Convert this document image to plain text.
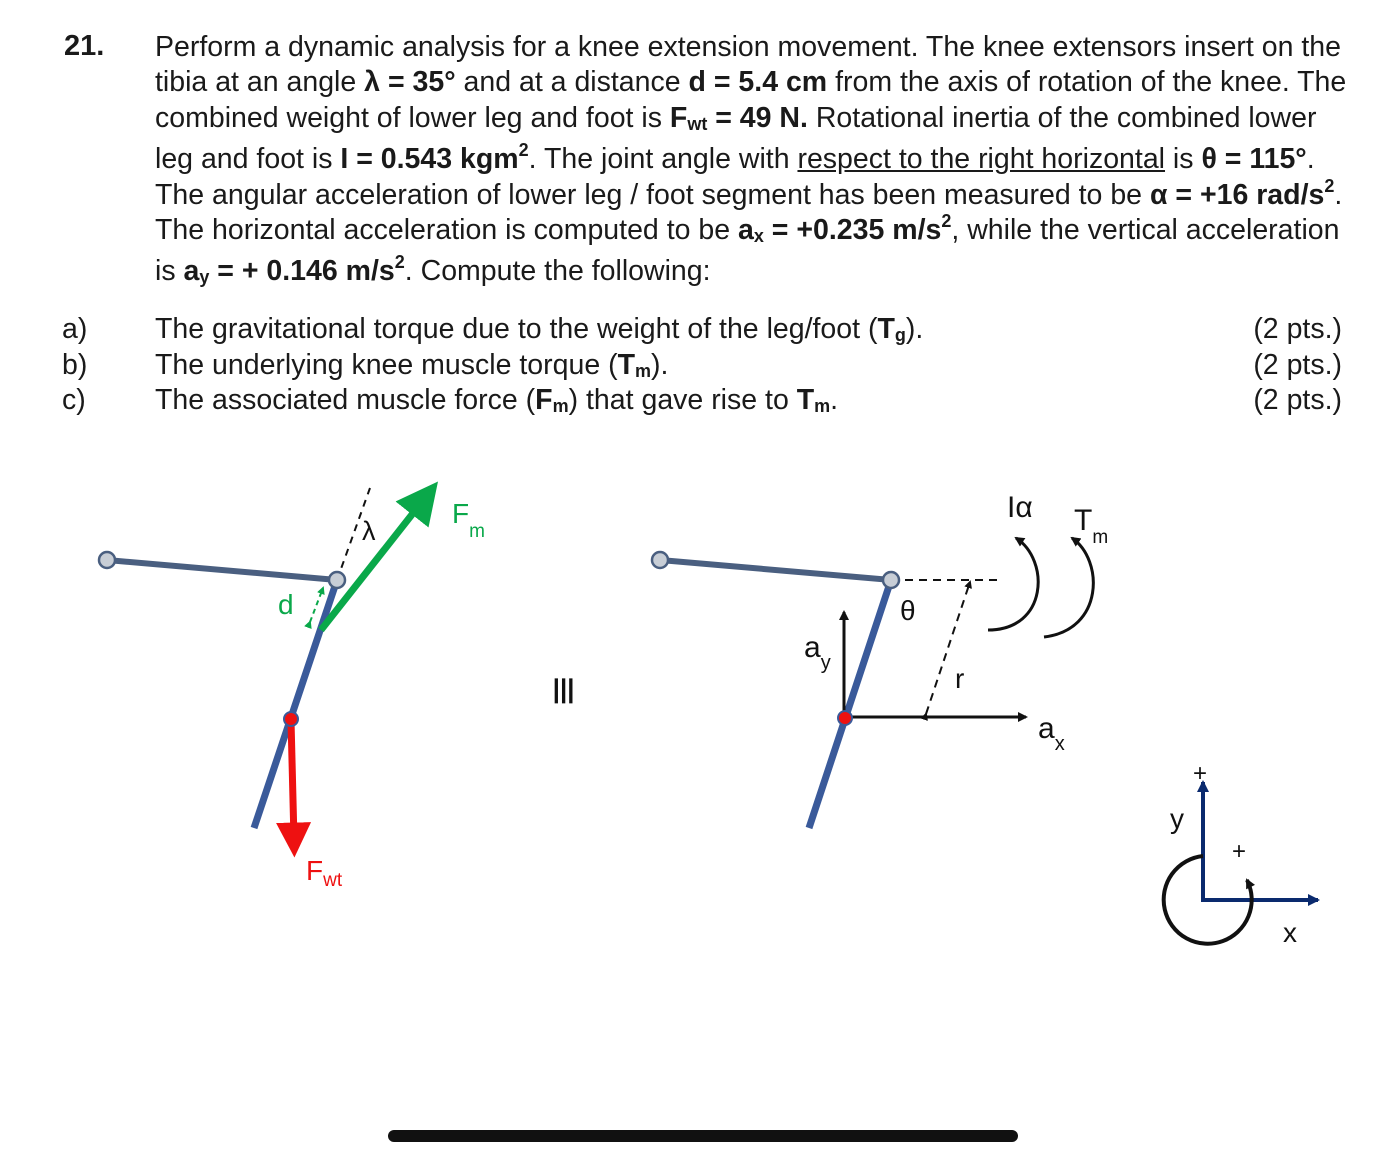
21. Perform a dynamic analysis for a knee extension movement. The knee extensors insert on the tibia at an angle λ = 35° and at a distance d = 5.4 cm from the axis of rotation of the knee. The combined weight of lower leg and foot is $F_{wt} = 49$ N. Rotational inertia of the combined lower leg and foot is I = 0.543 kgm$^2$. The joint angle with respect to the right horizontal is θ = 115°. The angular acceleration of lower leg / foot segment has been measured to be α = +16 rad/$s^2$. The horizontal acceleration is computed to be $a_x = +0.235$ $m/s^2$, while the vertical acceleration is $a_y$ = + 0.146 $m/s^2$. Compute the following:
a) The gravitational torque due to the weight of the leg/foot $(T_g)$.	(2 pts.)
b) The underlying knee muscle torque $(T_m)$.	(2 pts.)
c) The associated muscle force $(F_m)$ that gave rise to $T_m$.	(2 pts.)
$F_m$
λ
d
$F_{wt}$
≡
θ
$a_y$	r
$a_x$
Iα $T_m$
+
+
y
x
